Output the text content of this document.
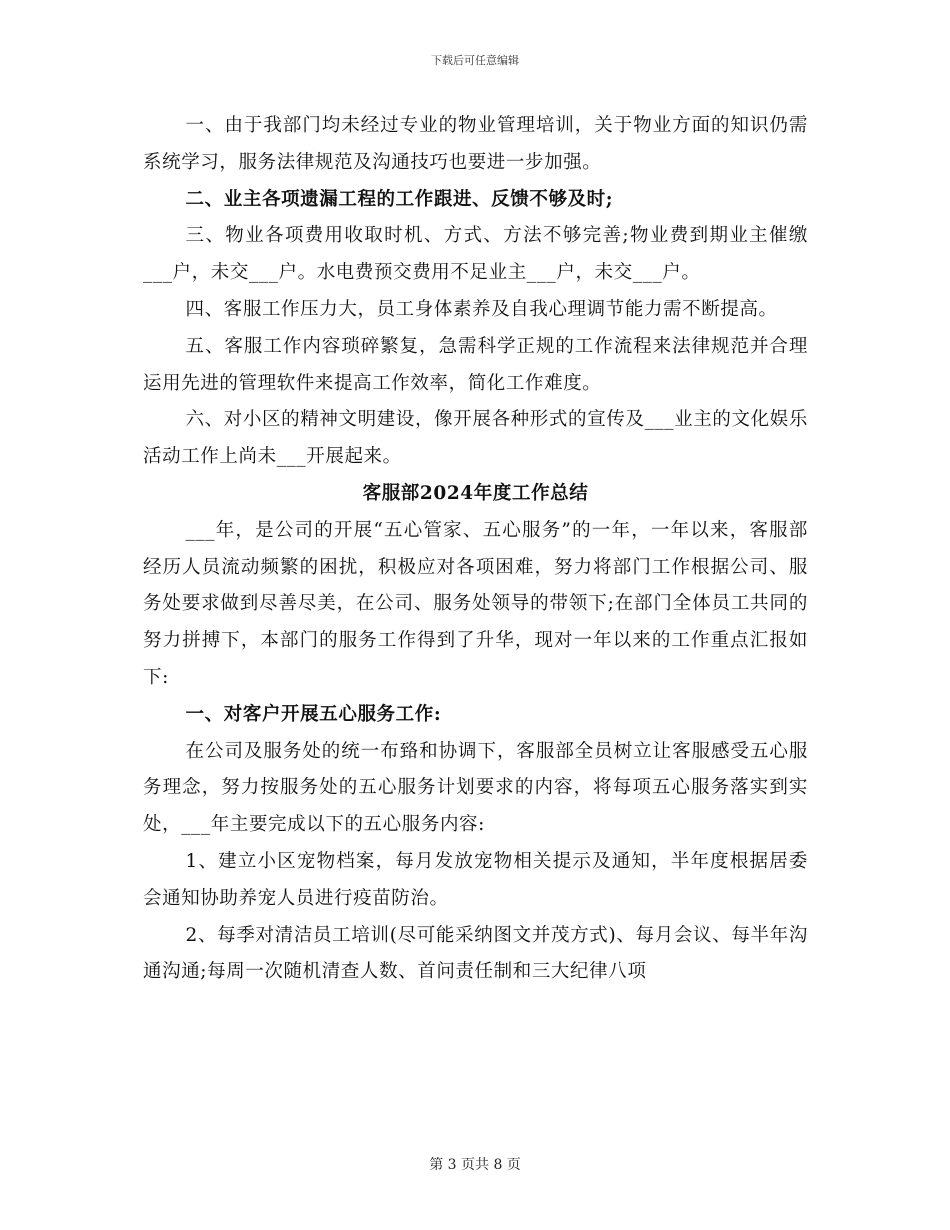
下载后可任意编辑

一、由于我部门均未经过专业的物业管理培训，关于物业方面的知识仍需系统学习，服务法律规范及沟通技巧也要进一步加强。

二、业主各项遗漏工程的工作跟进、反馈不够及时;

三、物业各项费用收取时机、方式、方法不够完善;物业费到期业主催缴___户，未交___户。水电费预交费用不足业主___户，未交___户。

四、客服工作压力大，员工身体素养及自我心理调节能力需不断提高。

五、客服工作内容琐碎繁复，急需科学正规的工作流程来法律规范并合理运用先进的管理软件来提高工作效率，简化工作难度。

六、对小区的精神文明建设，像开展各种形式的宣传及___业主的文化娱乐活动工作上尚未___开展起来。

客服部2024年度工作总结

___年，是公司的开展“五心管家、五心服务”的一年，一年以来，客服部经历人员流动频繁的困扰，积极应对各项困难，努力将部门工作根据公司、服务处要求做到尽善尽美，在公司、服务处领导的带领下;在部门全体员工共同的努力拼搏下，本部门的服务工作得到了升华，现对一年以来的工作重点汇报如下:

一、对客户开展五心服务工作:

在公司及服务处的统一布臵和协调下，客服部全员树立让客服感受五心服务理念，努力按服务处的五心服务计划要求的内容，将每项五心服务落实到实处，___年主要完成以下的五心服务内容:

1、建立小区宠物档案，每月发放宠物相关提示及通知，半年度根据居委会通知协助养宠人员进行疫苗防治。

2、每季对清洁员工培训(尽可能采纳图文并茂方式)、每月会议、每半年沟通沟通;每周一次随机清查人数、首问责任制和三大纪律八项

第 3 页共 8 页
